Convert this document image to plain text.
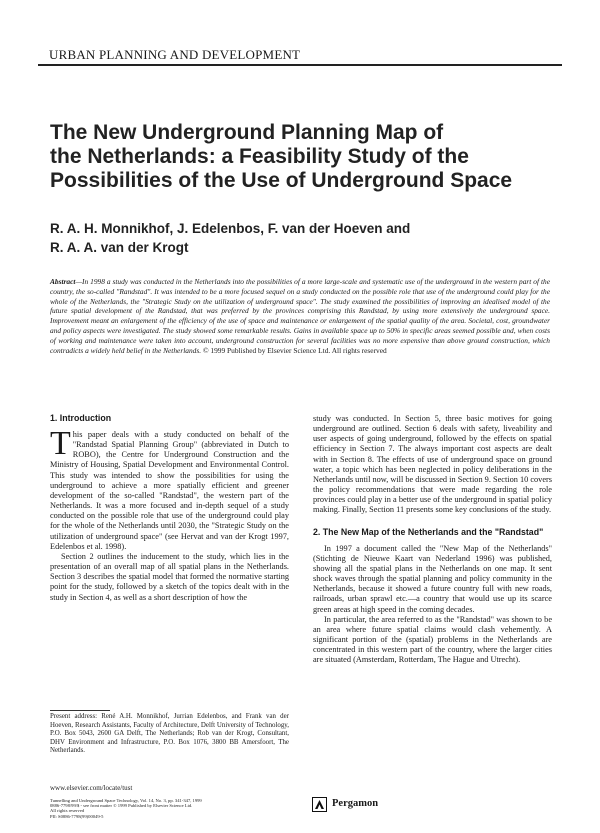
URBAN PLANNING AND DEVELOPMENT
The New Underground Planning Map of
the Netherlands: a Feasibility Study of the
Possibilities of the Use of Underground Space
R. A. H. Monnikhof, J. Edelenbos, F. van der Hoeven and
R. A. A. van der Krogt
Abstract—In 1998 a study was conducted in the Netherlands into the possibilities of a more large-scale and systematic use of the underground in the western part of the country, the so-called "Randstad". It was intended to be a more focused sequel on a study conducted on the possible role that use of the underground could play for the whole of the Netherlands, the "Strategic Study on the utilization of underground space". The study examined the possibilities of improving an idealised model of the future spatial development of the Randstad, that was preferred by the provinces comprising this Randstad, by using more extensively the underground space. Improvement meant an enlargement of the efficiency of the use of space and maintenance or enlargement of the spatial quality of the area. Societal, cost, groundwater and policy aspects were investigated. The study showed some remarkable results. Gains in available space up to 50% in specific areas seemed possible and, when costs of working and maintenance were taken into account, underground construction for several facilities was no more expensive than above ground construction, which contradicts a widely held belief in the Netherlands. © 1999 Published by Elsevier Science Ltd. All rights reserved
1. Introduction

This paper deals with a study conducted on behalf of the "Randstad Spatial Planning Group" (abbreviated in Dutch to ROBO), the Centre for Underground Construction and the Ministry of Housing, Spatial Development and Environmental Control. This study was intended to show the possibilities for using the underground to achieve a more spatially efficient and greener development of the so-called "Randstad", the western part of the Netherlands. It was a more focused and in-depth sequel of a study conducted on the possible role that use of the underground could play for the whole of the Netherlands until 2030, the "Strategic Study on the utilization of underground space" (see Hervat and van der Krogt 1997, Edelenbos et al. 1998).

Section 2 outlines the inducement to the study, which lies in the presentation of an overall map of all spatial plans in the Netherlands. Section 3 describes the spatial model that formed the normative starting point for the study, followed by a sketch of the topics dealt with in the study in Section 4, as well as a short description of how the

study was conducted. In Section 5, three basic motives for going underground are outlined. Section 6 deals with safety, liveability and user aspects of going underground, followed by the effects on spatial efficiency in Section 7. The always important cost aspects are dealt with in Section 8. The effects of use of underground space on ground water, a topic which has been neglected in policy deliberations in the Netherlands until now, will be discussed in Section 9. Section 10 covers the policy recommendations that were made regarding the role provinces could play in a better use of the underground in spatial policy making. Finally, Section 11 presents some key conclusions of the study.

2. The New Map of the Netherlands and the "Randstad"

In 1997 a document called the "New Map of the Netherlands" (Stichting de Nieuwe Kaart van Nederland 1996) was published, showing all the spatial plans in the Netherlands on one map. It sent shock waves through the spatial planning and policy community in the Netherlands, because it showed a future country full with new roads, railroads, urban sprawl etc.—a country that would use up its scarce green areas at high speed in the coming decades.

In particular, the area referred to as the "Randstad" was shown to be an area where future spatial claims would clash vehemently. A significant portion of the (spatial) problems in the Netherlands are concentrated in this western part of the country, where the larger cities are situated (Amsterdam, Rotterdam, The Hague and Utrecht).

Present address: René A.H. Monnikhof, Jurrian Edelenbos, and Frank van der Hoeven, Research Assistants, Faculty of Architecture, Delft University of Technology, P.O. Box 5043, 2600 GA Delft, The Netherlands; Rob van der Krogt, Consultant, DHV Environment and Infrastructure, P.O. Box 1076, 3800 BB Amersfoort, The Netherlands.
www.elsevier.com/locate/tust
Tunnelling and Underground Space Technology, Vol. 14, No. 3, pp. 341-347, 1999
0886-7798/99/$ - see front matter © 1999 Published by Elsevier Science Ltd.
All rights reserved
PII: S0886-7798(99)00049-5
Pergamon
